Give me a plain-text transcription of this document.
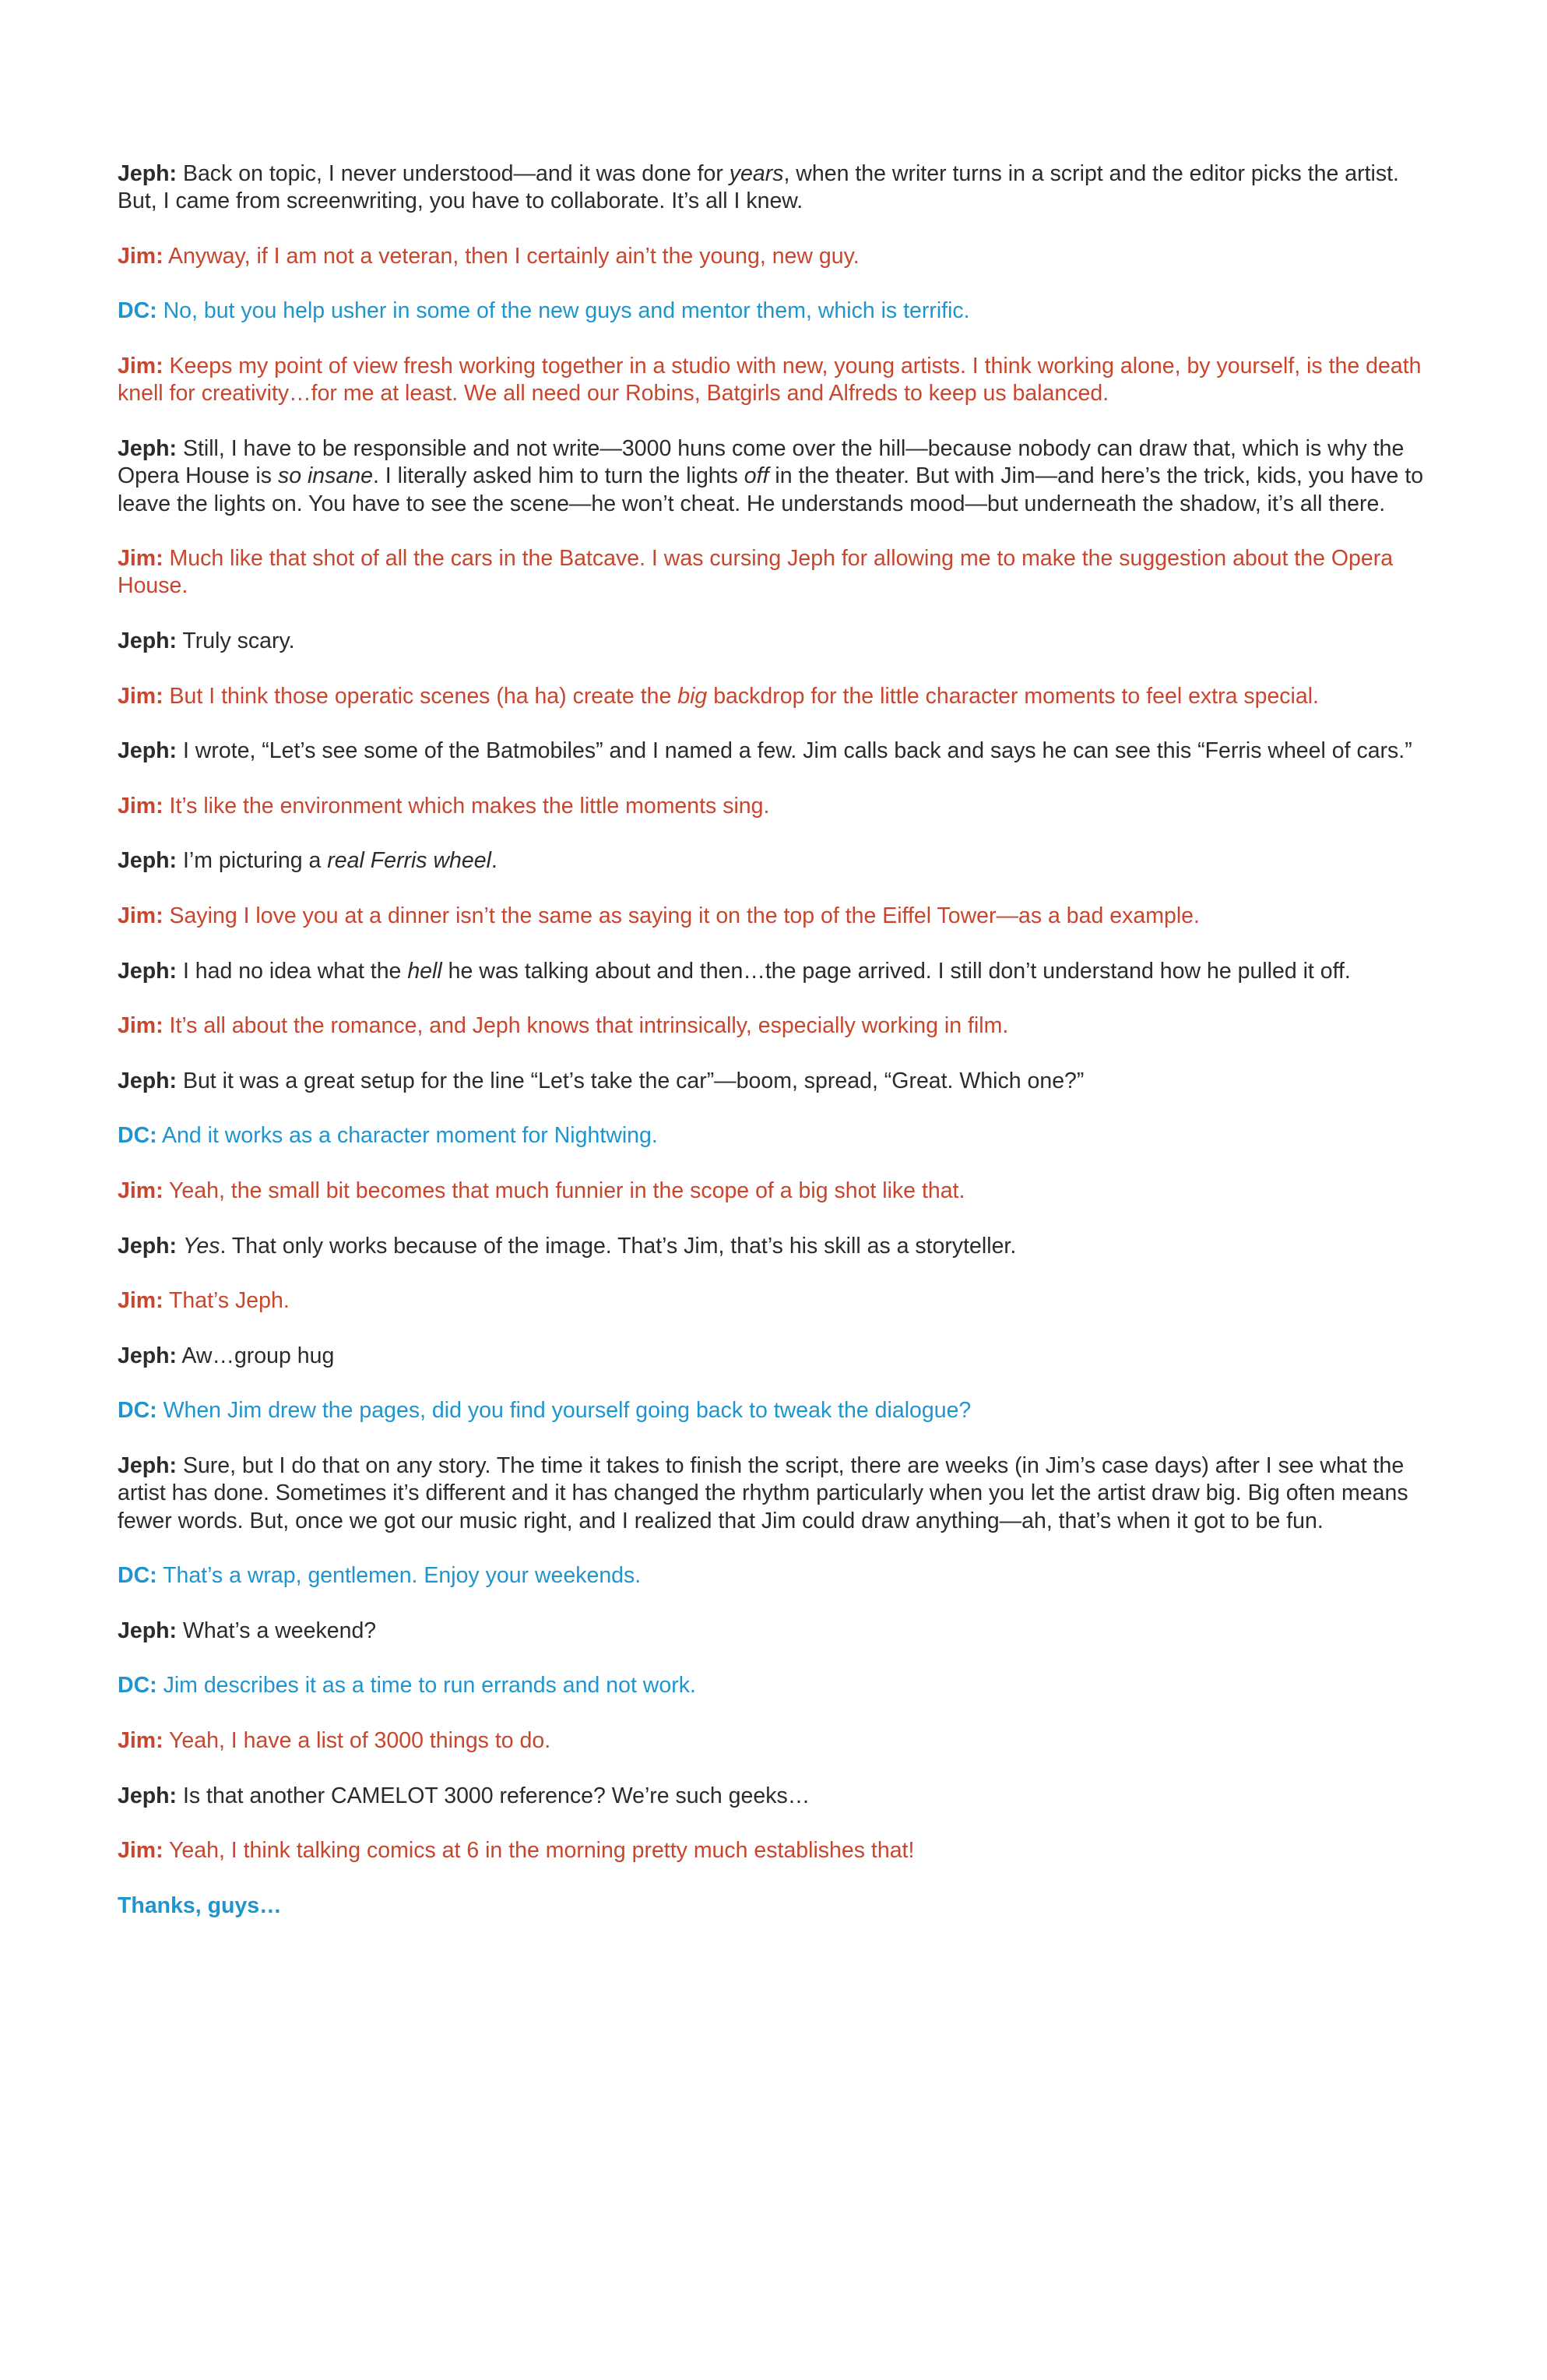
Jeph: Back on topic, I never understood—and it was done for years, when the writer turns in a script and the editor picks the artist. But, I came from screenwriting, you have to collaborate. It’s all I knew.

Jim: Anyway, if I am not a veteran, then I certainly ain’t the young, new guy.

DC: No, but you help usher in some of the new guys and mentor them, which is terrific.

Jim: Keeps my point of view fresh working together in a studio with new, young artists. I think working alone, by yourself, is the death knell for creativity…for me at least. We all need our Robins, Batgirls and Alfreds to keep us balanced.

Jeph: Still, I have to be responsible and not write—3000 huns come over the hill—because nobody can draw that, which is why the Opera House is so insane. I literally asked him to turn the lights off in the theater. But with Jim—and here’s the trick, kids, you have to leave the lights on. You have to see the scene—he won’t cheat. He understands mood—but underneath the shadow, it’s all there.

Jim: Much like that shot of all the cars in the Batcave. I was cursing Jeph for allowing me to make the suggestion about the Opera House.

Jeph: Truly scary.

Jim: But I think those operatic scenes (ha ha) create the big backdrop for the little character moments to feel extra special.

Jeph: I wrote, “Let’s see some of the Batmobiles” and I named a few. Jim calls back and says he can see this “Ferris wheel of cars.”

Jim: It’s like the environment which makes the little moments sing.

Jeph: I’m picturing a real Ferris wheel.

Jim: Saying I love you at a dinner isn’t the same as saying it on the top of the Eiffel Tower—as a bad example.

Jeph: I had no idea what the hell he was talking about and then…the page arrived. I still don’t understand how he pulled it off.

Jim: It’s all about the romance, and Jeph knows that intrinsically, especially working in film.

Jeph: But it was a great setup for the line “Let’s take the car”—boom, spread, “Great. Which one?”

DC: And it works as a character moment for Nightwing.

Jim: Yeah, the small bit becomes that much funnier in the scope of a big shot like that.

Jeph: Yes. That only works because of the image. That’s Jim, that’s his skill as a storyteller.

Jim: That’s Jeph.

Jeph: Aw…group hug

DC: When Jim drew the pages, did you find yourself going back to tweak the dialogue?

Jeph: Sure, but I do that on any story. The time it takes to finish the script, there are weeks (in Jim’s case days) after I see what the artist has done. Sometimes it’s different and it has changed the rhythm particularly when you let the artist draw big. Big often means fewer words. But, once we got our music right, and I realized that Jim could draw anything—ah, that’s when it got to be fun.

DC: That’s a wrap, gentlemen. Enjoy your weekends.

Jeph: What’s a weekend?

DC: Jim describes it as a time to run errands and not work.

Jim: Yeah, I have a list of 3000 things to do.

Jeph: Is that another CAMELOT 3000 reference? We’re such geeks…

Jim: Yeah, I think talking comics at 6 in the morning pretty much establishes that!

Thanks, guys…
